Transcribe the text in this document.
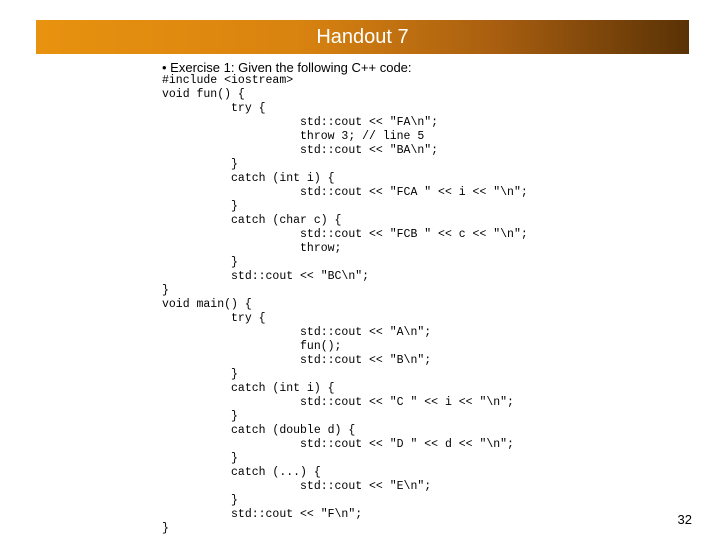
Handout 7
• Exercise 1: Given the following C++ code:
#include <iostream>
void fun() {
try {
std::cout << "FA\n";
throw 3; // line 5
std::cout << "BA\n";
}
catch (int i) {
std::cout << "FCA " << i << "\n";
}
catch (char c) {
std::cout << "FCB " << c << "\n";
throw;
}
std::cout << "BC\n";
}
void main() {
try {
std::cout << "A\n";
fun();
std::cout << "B\n";
}
catch (int i) {
std::cout << "C " << i << "\n";
}
catch (double d) {
std::cout << "D " << d << "\n";
}
catch (...) {
std::cout << "E\n";
}
std::cout << "F\n";
}
32
